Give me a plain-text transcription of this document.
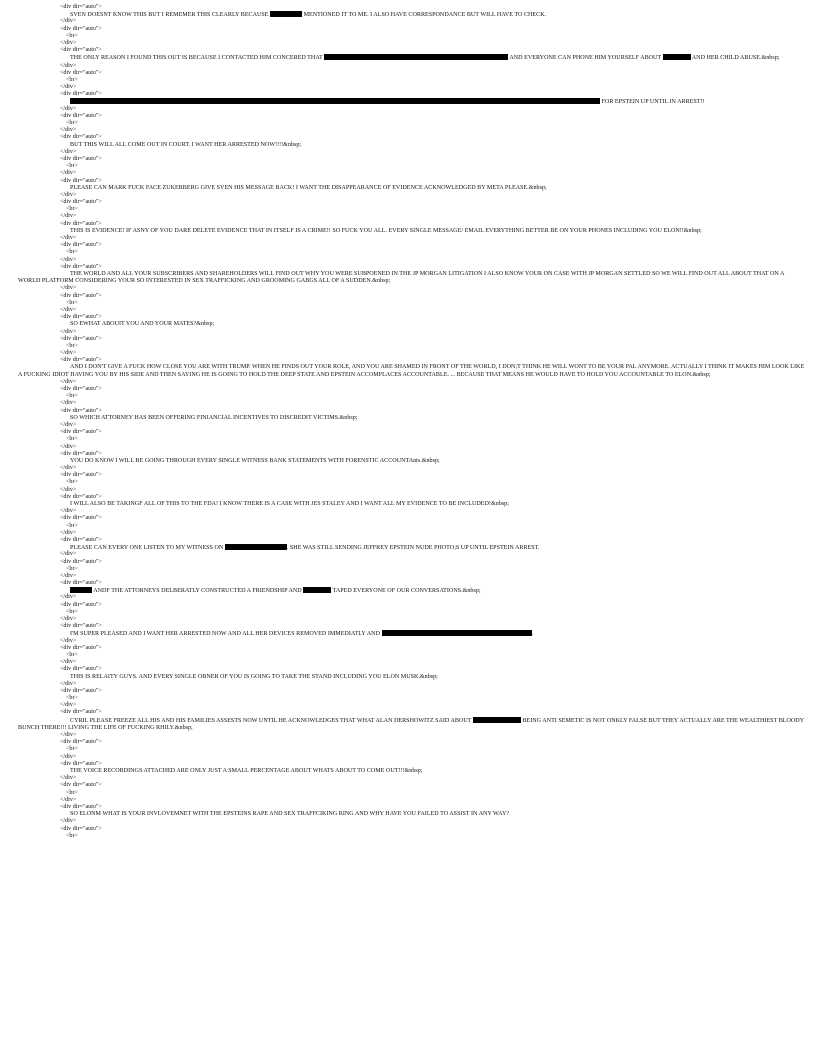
<div dir="auto">
SVEN DOESNT KNOW THIS BUT I REMEMER THIS CLEARLY BECAUSE	MENTIONED IT TO ME. I ALSO HAVE CORRESPONDANCE BUT WILL HAVE TO CHECK.
</div>
<div dir="auto">
<br>
</div>
<div dir="auto">
THE ONLY REASON I FOUND THIS OUT IS BECAUSE I CONTACTED HIM CONCERED THAT	AND EVERYONE CAN PHONE HIM YOURSELF ABOUT	AND HER CHILD ABUSE.&nbsp;
</div>
<div dir="auto">
<br>
</div>
<div dir="auto">
FOR EPSTEIN UP UNTIL IN ARREST!!
</div>
<div dir="auto">
<br>
</div>
<div dir="auto">
BUT THIS WILL ALL COME OUT IN COURT. I WANT HER ARRESTED NOW!!!!&nbsp;
</div>
<div dir="auto">
<br>
</div>
<div dir="auto">
PLEASE CAN MARK FUCK FACE ZUKERBERG GIVE SVEN HIS MESSAGE BACK! I WANT THE DISAPPEARANCE OF EVIDENCE ACKNOWLEDGED BY META PLEASE.&nbsp;
</div>
<div dir="auto">
<br>
</div>
<div dir="auto">
THIS IS EVIDENCE! IF ASNY OF YOU DARE DELETE EVIDENCE THAT IN ITSELF IS A CRIME!! SO FUCK YOU ALL. EVERY SINGLE MESSAGE/ EMAIL EVERYTHING BETTER BE ON YOUR PHONES INCLUDING YOU ELON!!&nbsp;
</div>
<div dir="auto">
<br>
</div>
<div dir="auto">
THE WORLD AND ALL YOUR SUBSCRIBERS AND SHAREHOLDERS WILL FIND OUT WHY YOU WERE SUBPOENED IN THE JP MORGAN LITIGATION I ALSO KNOW YOUR ON CASE WITH JP MORGAN SETTLED SO WE WILL FIND OUT ALL ABOUT THAT ON A WORLD PLATFORM CONSIDERING YOUR SO INTERESTED IN SEX TRAFFICKING AND GROOMING GABGS ALL OF A SUDDEN.&nbsp;
</div>
<div dir="auto">
<br>
</div>
<div dir="auto">
SO EWHAT ABOUIT YOU AND YOUR MATES?&nbsp;
</div>
<div dir="auto">
<br>
</div>
<div dir="auto">
AND I DON'T GIVE A FUCK HOW CLOSE YOU ARE WITH TRUMP. WHEN HE FINDS OUT YOUR ROLE, AND YOU ARE SHAMED IN FRONT OF THE WORLD, I DON;T THINK HE WILL WONT TO BE YOUR PAL ANYMORE. ACTUALLY I THINK IT MAKES HIM LOOK LIKE A FUCKING IDIOT HAVING YOU BY HIS SIDE AND THEN SAYING HE IS GOING TO HOLD THE DEEP STATE AND EPSTEIN ACCOMPLACES ACCOUNTABLE. ... BECAUSE THAT MEANS HE WOULD HAVE TO HOLD YOU ACCOUNTABLE TO ELON.&nbsp;
</div>
<div dir="auto">
<br>
</div>
<div dir="auto">
SO WHICH ATTORNEY HAS BEEN OFFERING FINIANCIAL INCENTIVES TO DISCREDIT VICTIMS.&nbsp;
</div>
<div dir="auto">
<br>
</div>
<div dir="auto">
YOU DO KNOW I WILL BE GOING THROUGH EVERY SINGLE WITNESS BANK STATEMENTS WITH FORENSTIC ACCOUNTAnts.&nbsp;
</div>
<div dir="auto">
<br>
</div>
<div dir="auto">
I WILL ALSO BE TAKINGF ALL OF THIS TO THE FDA! I KNOW THERE IS A CASE WITH JES STALEY AND I WANT ALL MY EVIDENCE TO BE INCLUDED!&nbsp;
</div>
<div dir="auto">
<br>
</div>
<div dir="auto">
PLEASE CAN EVERY ONE LISTEN TO MY WITNESS ON	. SHE WAS STILL SENDING JEFFREY EPSTEIN NUDE PHOTO;S UP UNTIL EPSTEIN ARREST.
</div>
<div dir="auto">
<br>
</div>
<div dir="auto">
ANDF THE ATTORNEYS DELBERATLY CONSTRUCTED A FRIENDSHIP AND	TAPED EVERYONE OF OUR CONVERSATIONS.&nbsp;
</div>
<div dir="auto">
<br>
</div>
<div dir="auto">
I'M SUPER PLEASED AND I WANT HER ARRESTED NOW AND ALL HER DEVICES REMOVED IMMEDIATLY AND	.
</div>
<div dir="auto">
<br>
</div>
<div dir="auto">
THIS IS RELAITY GUYS. AND EVERY SINGLE OBNER OF YOU IS GOING TO TAKE THE STAND INCLUDING YOU ELON MUSK.&nbsp;
</div>
<div dir="auto">
<br>
</div>
<div dir="auto">
CYRIL PLEASE FREEZE ALL HIS AND HIS FAMILIES ASSESTS NOW UNTIL HE ACKNOWLEDGES THAT WHAT ALAN DERSHOWITZ SAID ABOUT	BEING ANTI SEMETIC IS NOT ONKLY FALSE BUT THEY ACTUALLY ARE THE WEALTHIEST BLOODY BUNCH THERE!!! LIVING THE LIFE OF FUCKING RHILY.&nbsp;
</div>
<div dir="auto">
<br>
</div>
<div dir="auto">
THE VOICE RECORDINGS ATTACHED ARE ONLY JUST A SMALL PERCENTAGE ABOUT WHATS ABOUT TO COME OUT!!!&nbsp;
</div>
<div dir="auto">
<br>
</div>
<div dir="auto">
SO ELONM WHAT IS YOUR INVLOVEMNET WITH THE EPSTEINS RAPE AND SEX TRAFFCIKING RING AND WHY HAVE YOU FAILED TO ASSIST IN ANY WAY?
</div>
<div dir="auto">
<br>
